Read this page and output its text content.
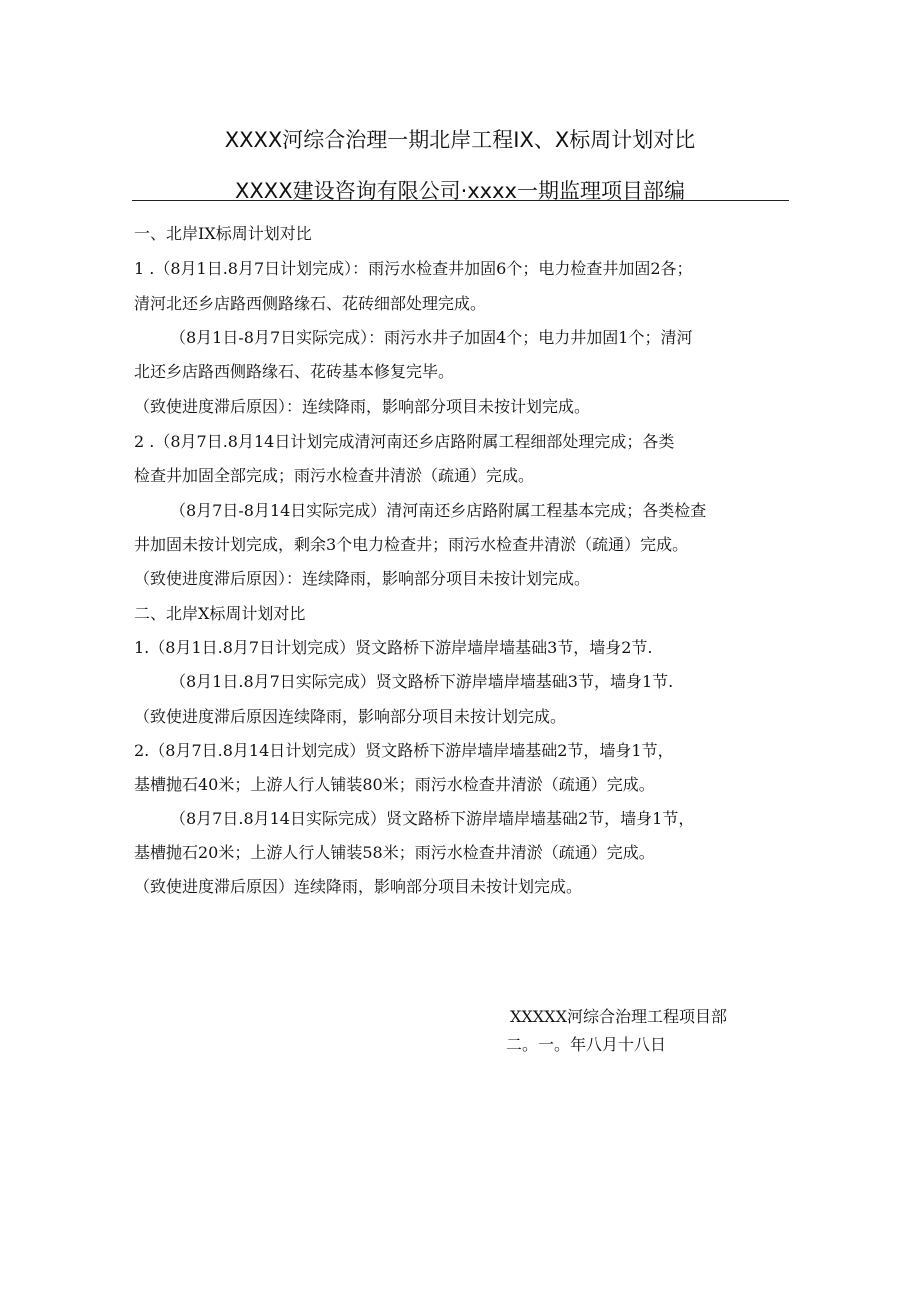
XXXX河综合治理一期北岸工程IX、X标周计划对比
XXXX建设咨询有限公司·xxxx一期监理项目部编
一、北岸IX标周计划对比
1 .（8月1日.8月7日计划完成）：雨污水检查井加固6个；电力检查井加固2各；
清河北还乡店路西侧路缘石、花砖细部处理完成。
（8月1日-8月7日实际完成）：雨污水井子加固4个；电力井加固1个；清河
北还乡店路西侧路缘石、花砖基本修复完毕。
（致使进度滞后原因）：连续降雨，影响部分项目未按计划完成。
2 .（8月7日.8月14日计划完成清河南还乡店路附属工程细部处理完成；各类
检查井加固全部完成；雨污水检查井清淤（疏通）完成。
（8月7日-8月14日实际完成）清河南还乡店路附属工程基本完成；各类检查
井加固未按计划完成，剩余3个电力检查井；雨污水检查井清淤（疏通）完成。
（致使进度滞后原因）：连续降雨，影响部分项目未按计划完成。
二、北岸X标周计划对比
1.（8月1日.8月7日计划完成）贤文路桥下游岸墙岸墙基础3节，墙身2节.
（8月1日.8月7日实际完成）贤文路桥下游岸墙岸墙基础3节，墙身1节.
（致使进度滞后原因连续降雨，影响部分项目未按计划完成。
2.（8月7日.8月14日计划完成）贤文路桥下游岸墙岸墙基础2节，墙身1节，
基槽抛石40米；上游人行人铺装80米；雨污水检查井清淤（疏通）完成。
（8月7日.8月14日实际完成）贤文路桥下游岸墙岸墙基础2节，墙身1节，
基槽抛石20米；上游人行人铺装58米；雨污水检查井清淤（疏通）完成。
（致使进度滞后原因）连续降雨，影响部分项目未按计划完成。
XXXXX河综合治理工程项目部
二。一。年八月十八日
